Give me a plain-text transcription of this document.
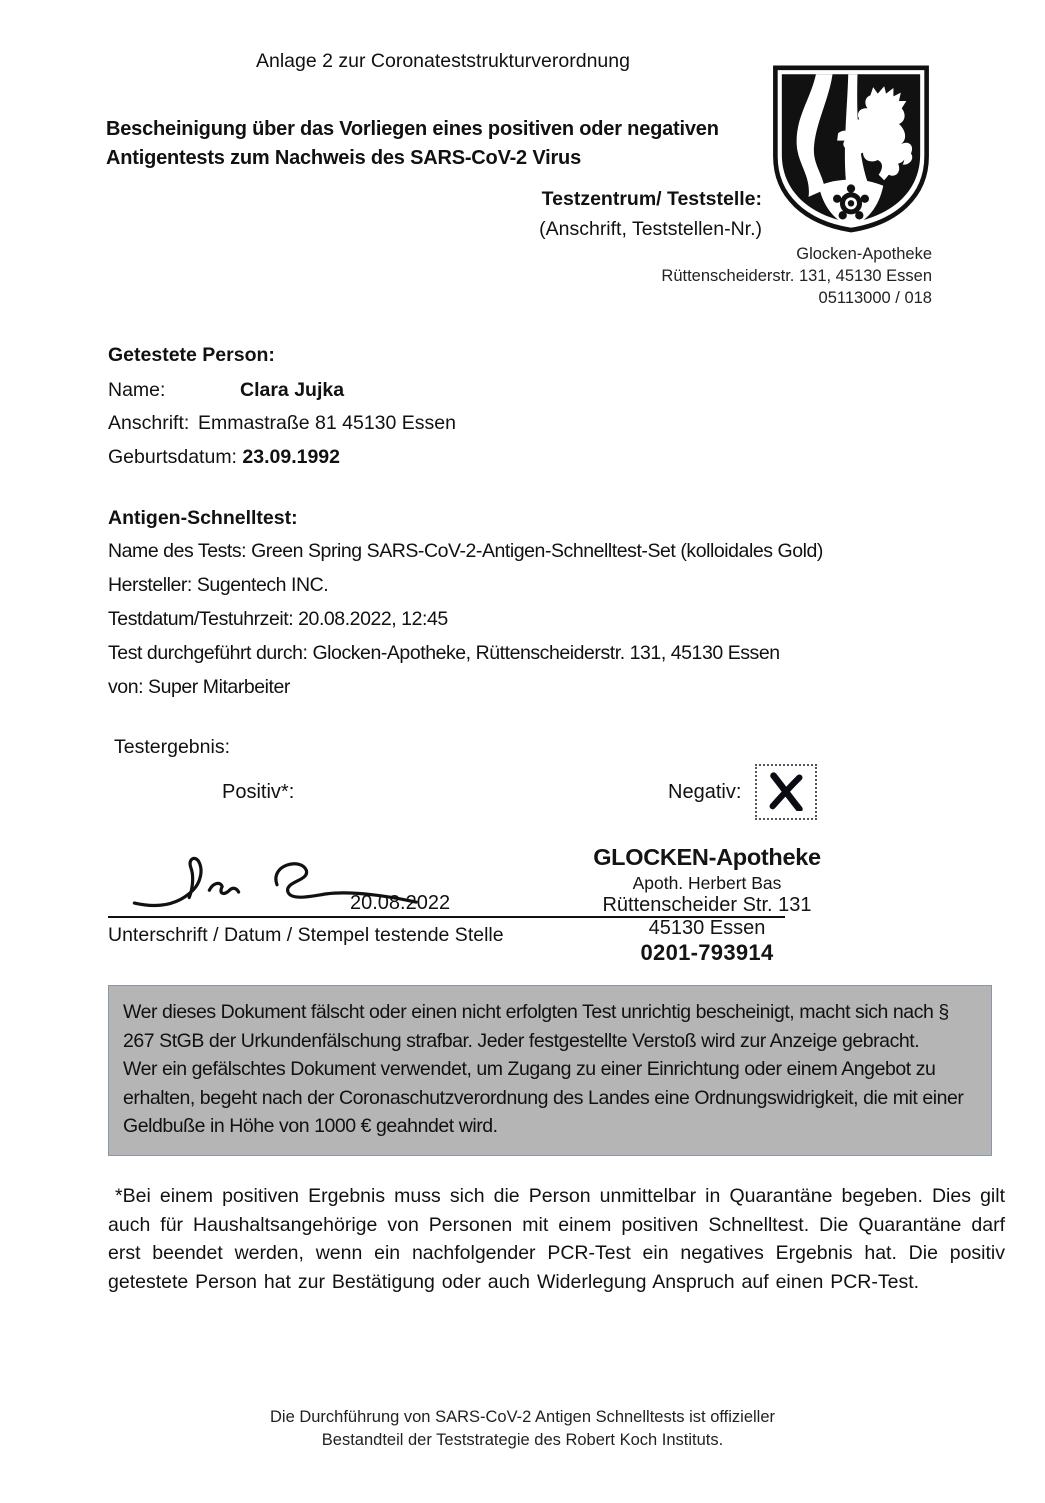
Anlage 2 zur Coronateststrukturverordnung
Bescheinigung über das Vorliegen eines positiven oder negativen Antigentests zum Nachweis des SARS-CoV-2 Virus
Testzentrum/ Teststelle:
(Anschrift, Teststellen-Nr.)
Glocken-Apotheke
Rüttenscheiderstr. 131, 45130 Essen
05113000 / 018
Getestete Person:
Name:	Clara Jujka
Anschrift: Emmastraße 81 45130 Essen
Geburtsdatum: 23.09.1992
Antigen-Schnelltest:
Name des Tests: Green Spring SARS-CoV-2-Antigen-Schnelltest-Set (kolloidales Gold)
Hersteller: Sugentech INC.
Testdatum/Testuhrzeit: 20.08.2022, 12:45
Test durchgeführt durch: Glocken-Apotheke, Rüttenscheiderstr. 131, 45130 Essen
von: Super Mitarbeiter
Testergebnis:
Positiv*:	Negativ:
20.08.2022
Unterschrift / Datum / Stempel testende Stelle
GLOCKEN-Apotheke
Apoth. Herbert Bas
Rüttenscheider Str. 131
45130 Essen
0201-793914

Wer dieses Dokument fälscht oder einen nicht erfolgten Test unrichtig bescheinigt, macht sich nach § 267 StGB der Urkundenfälschung strafbar. Jeder festgestellte Verstoß wird zur Anzeige gebracht.

Wer ein gefälschtes Dokument verwendet, um Zugang zu einer Einrichtung oder einem Angebot zu erhalten, begeht nach der Coronaschutzverordnung des Landes eine Ordnungswidrigkeit, die mit einer Geldbuße in Höhe von 1000 € geahndet wird.

*Bei einem positiven Ergebnis muss sich die Person unmittelbar in Quarantäne begeben. Dies gilt auch für Haushaltsangehörige von Personen mit einem positiven Schnelltest. Die Quarantäne darf erst beendet werden, wenn ein nachfolgender PCR-Test ein negatives Ergebnis hat. Die positiv getestete Person hat zur Bestätigung oder auch Widerlegung Anspruch auf einen PCR-Test.

Die Durchführung von SARS-CoV-2 Antigen Schnelltests ist offizieller
Bestandteil der Teststrategie des Robert Koch Instituts.
